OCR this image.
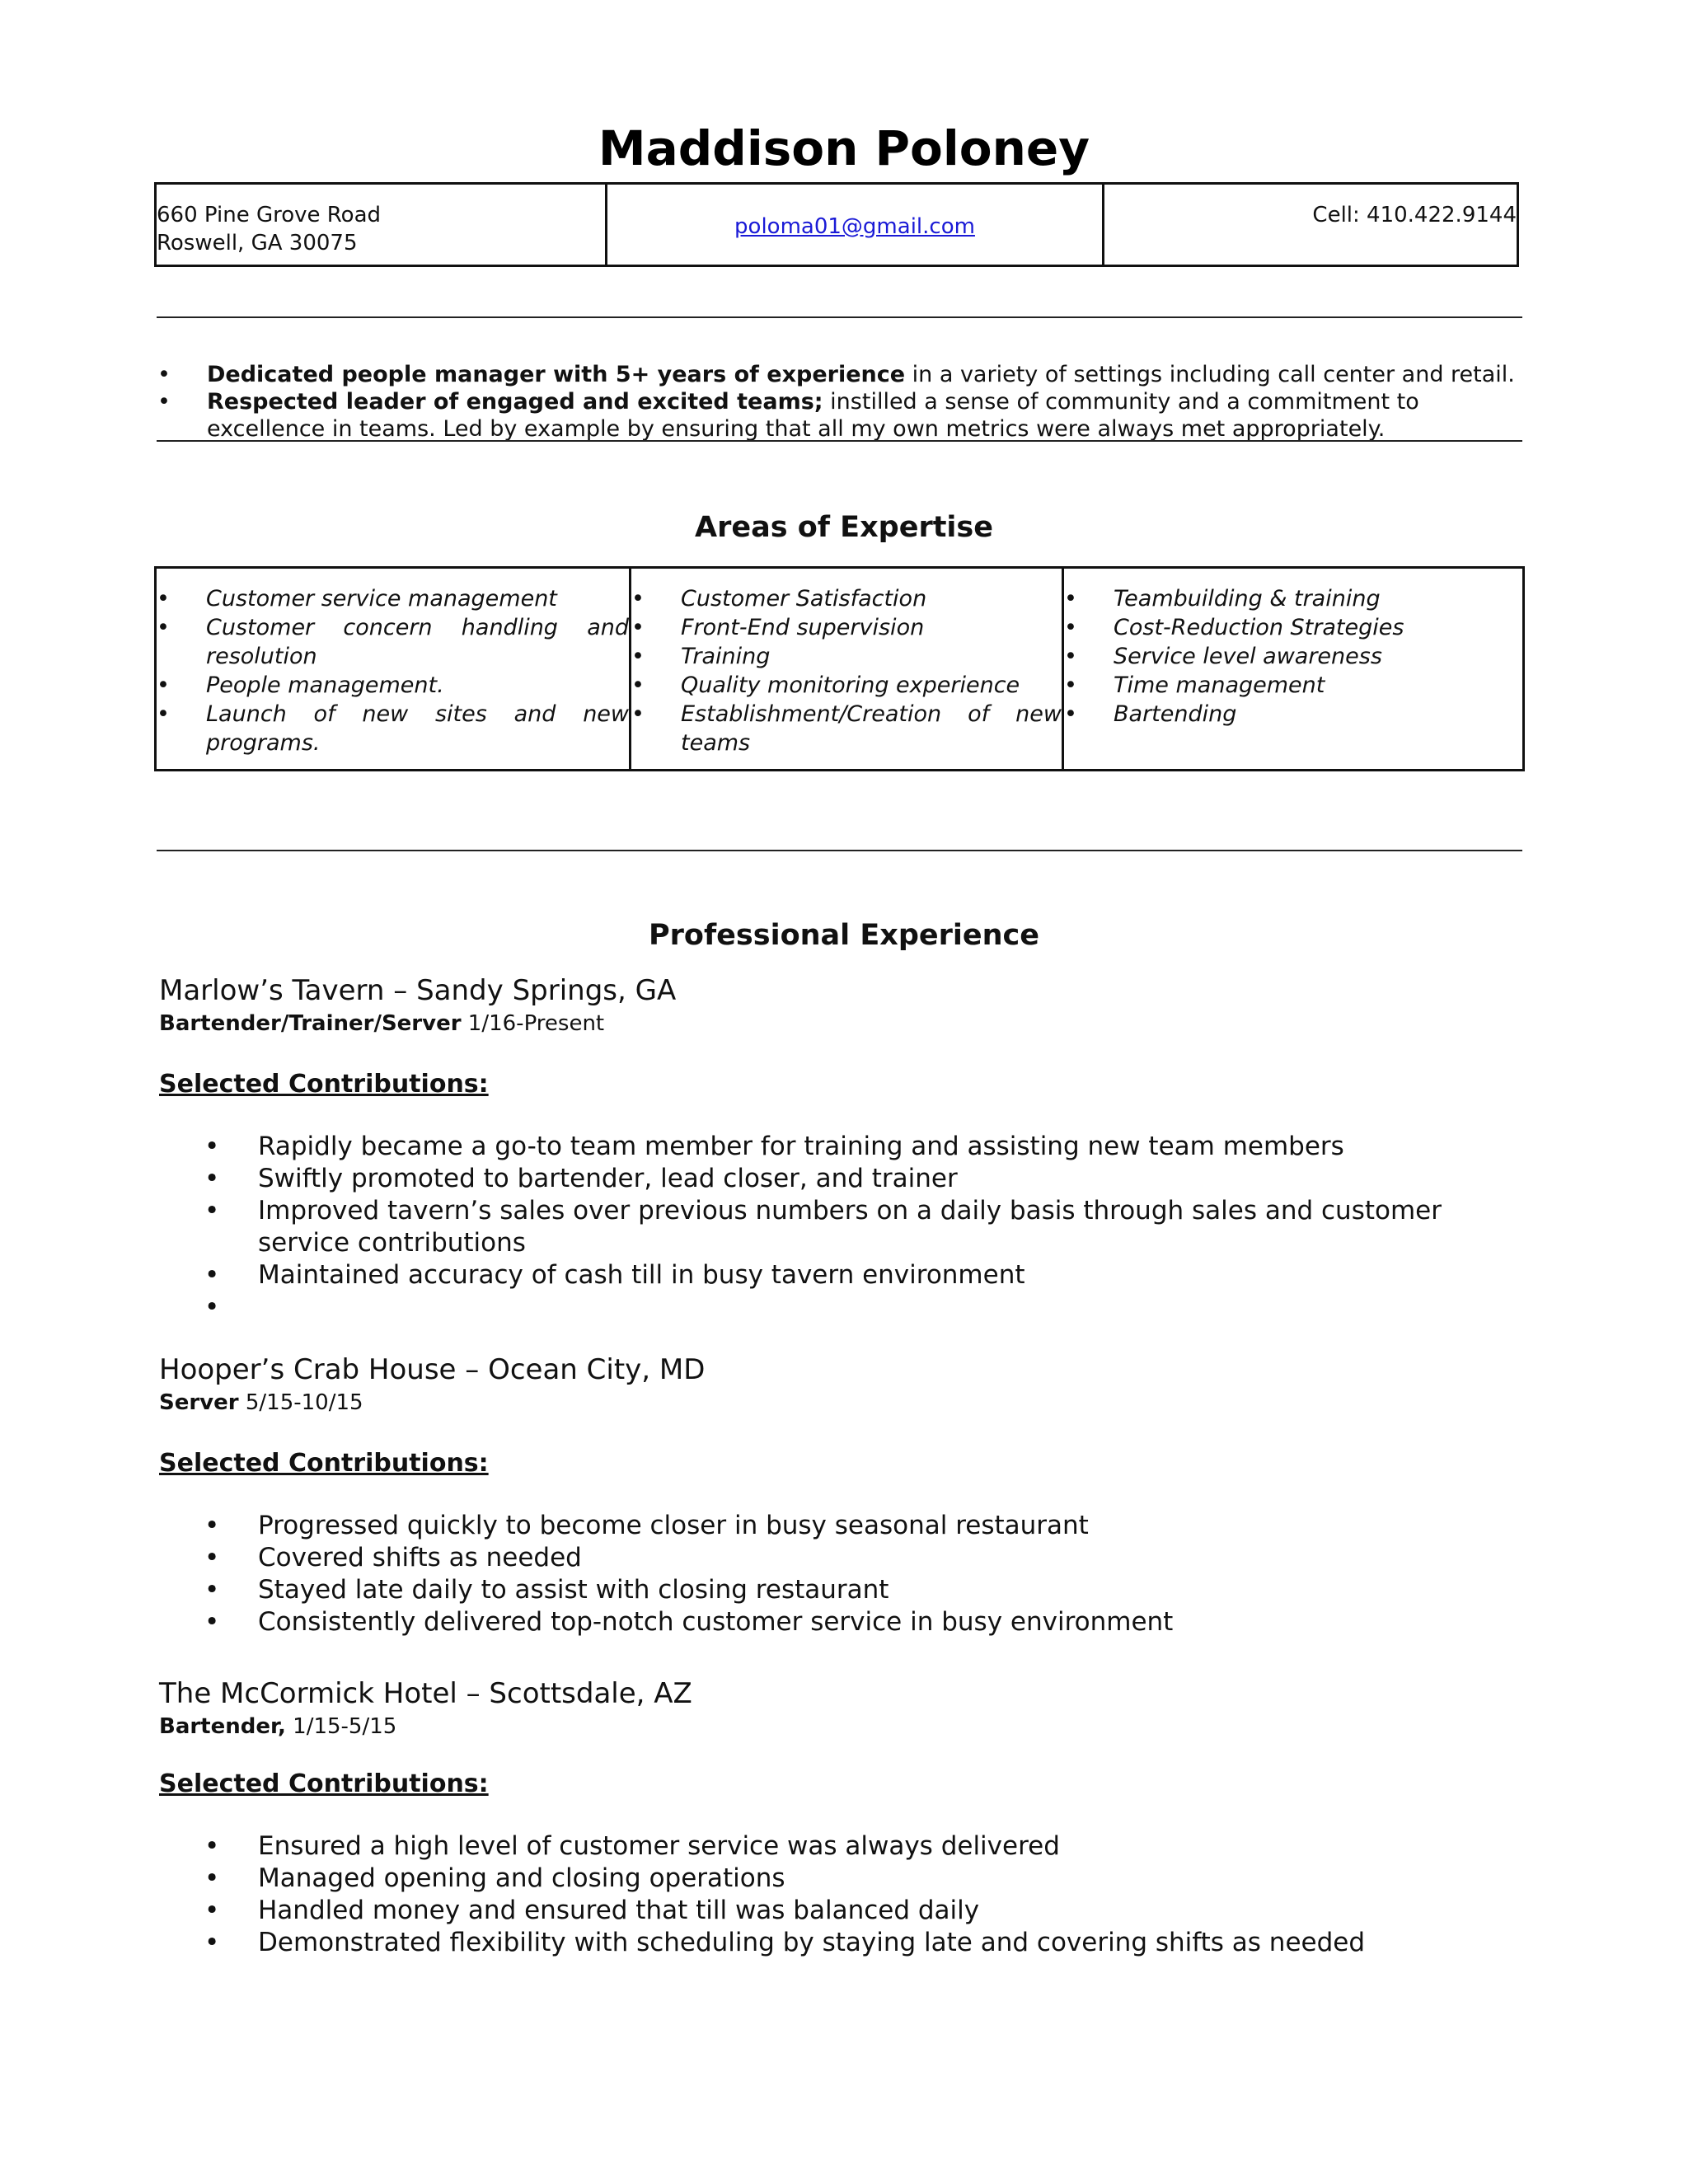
Maddison Poloney
660 Pine Grove Road
Roswell, GA 30075
poloma01@gmail.com	Cell: 410.422.9144
• Dedicated people manager with 5+ years of experience in a variety of settings including call center and retail.
• Respected leader of engaged and excited teams; instilled a sense of community and a commitment to excellence in teams. Led by example by ensuring that all my own metrics were always met appropriately.
Areas of Expertise
• Customer service management
• Customer concern handling and resolution
• People management.
• Launch of new sites and new programs.
• Customer Satisfaction
• Front-End supervision
• Training
• Quality monitoring experience
• Establishment/Creation of new teams
• Teambuilding & training
• Cost-Reduction Strategies
• Service level awareness
• Time management
• Bartending
Professional Experience
Marlow’s Tavern – Sandy Springs, GA
Bartender/Trainer/Server 1/16-Present
Selected Contributions:
• Rapidly became a go-to team member for training and assisting new team members
• Swiftly promoted to bartender, lead closer, and trainer
• Improved tavern’s sales over previous numbers on a daily basis through sales and customer service contributions
• Maintained accuracy of cash till in busy tavern environment
•
Hooper’s Crab House – Ocean City, MD
Server 5/15-10/15
Selected Contributions:
• Progressed quickly to become closer in busy seasonal restaurant
• Covered shifts as needed
• Stayed late daily to assist with closing restaurant
• Consistently delivered top-notch customer service in busy environment
The McCormick Hotel – Scottsdale, AZ
Bartender, 1/15-5/15
Selected Contributions:
• Ensured a high level of customer service was always delivered
• Managed opening and closing operations
• Handled money and ensured that till was balanced daily
• Demonstrated flexibility with scheduling by staying late and covering shifts as needed
